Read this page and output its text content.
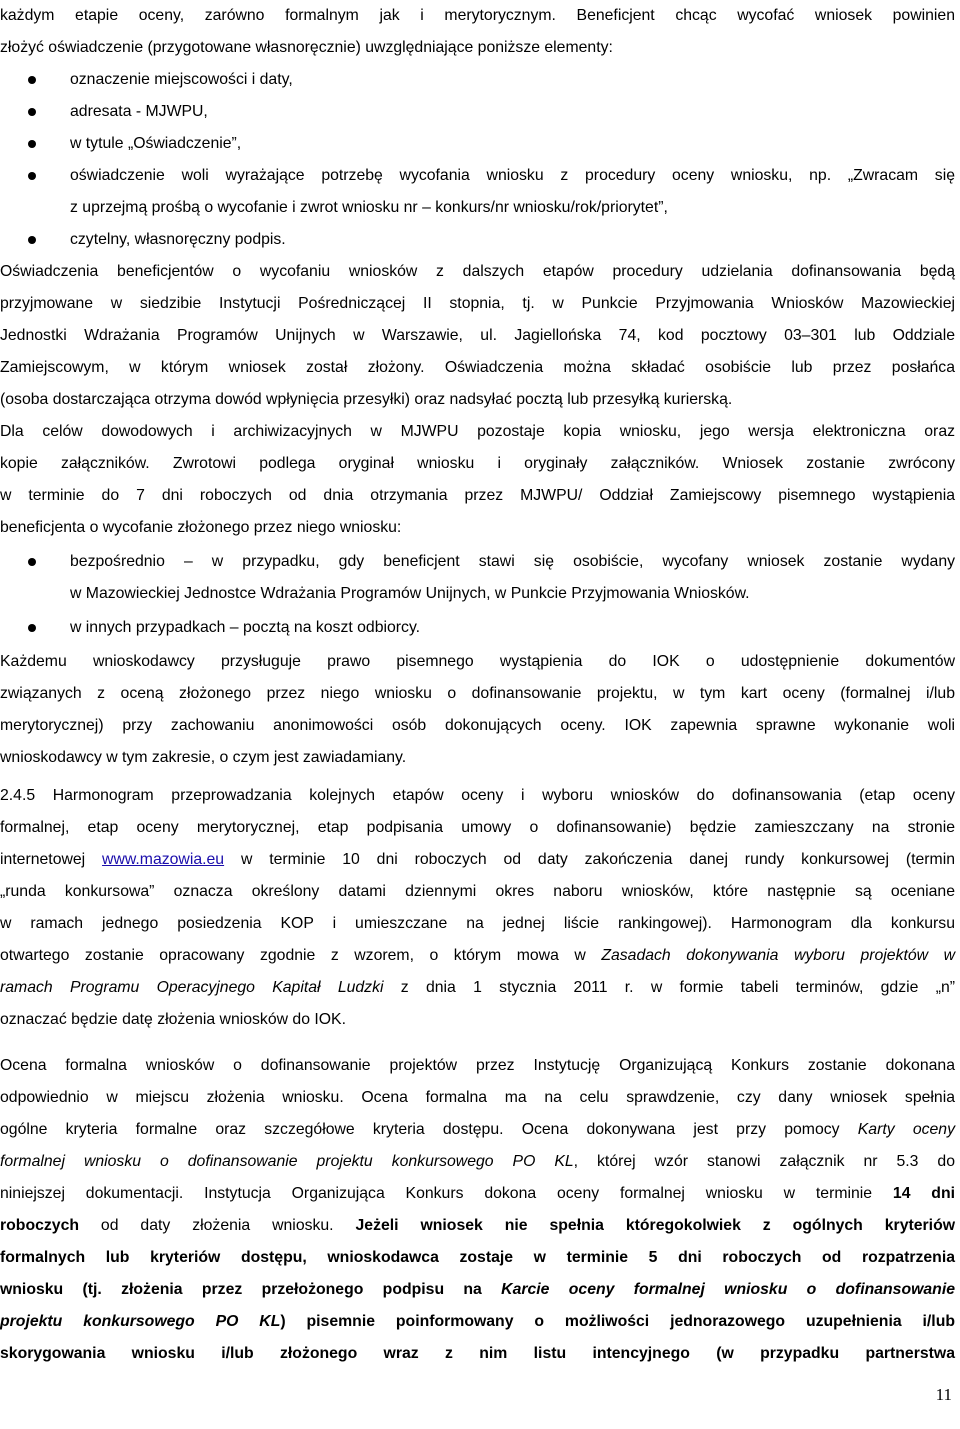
każdym etapie oceny, zarówno formalnym jak i merytorycznym. Beneficjent chcąc wycofać wniosek powinien
złożyć oświadczenie (przygotowane własnoręcznie) uwzględniające poniższe elementy:
oznaczenie miejscowości i daty,
adresata - MJWPU,
w tytule „Oświadczenie”,
oświadczenie woli wyrażające potrzebę wycofania wniosku z procedury oceny wniosku, np. „Zwracam się
z uprzejmą prośbą o wycofanie i zwrot wniosku nr – konkurs/nr wniosku/rok/priorytet”,
czytelny, własnoręczny podpis.
Oświadczenia beneficjentów o wycofaniu wniosków z dalszych etapów procedury udzielania dofinansowania będą
przyjmowane w siedzibie Instytucji Pośredniczącej II stopnia, tj. w Punkcie Przyjmowania Wniosków Mazowieckiej
Jednostki Wdrażania Programów Unijnych w Warszawie, ul. Jagiellońska 74, kod pocztowy 03–301 lub Oddziale
Zamiejscowym, w którym wniosek został złożony. Oświadczenia można składać osobiście lub przez posłańca
(osoba dostarczająca otrzyma dowód wpłynięcia przesyłki) oraz nadsyłać pocztą lub przesyłką kurierską.
Dla celów dowodowych i archiwizacyjnych w MJWPU pozostaje kopia wniosku, jego wersja elektroniczna oraz
kopie załączników. Zwrotowi podlega oryginał wniosku i oryginały załączników. Wniosek zostanie zwrócony
w terminie do 7 dni roboczych od dnia otrzymania przez MJWPU/ Oddział Zamiejscowy pisemnego wystąpienia
beneficjenta o wycofanie złożonego przez niego wniosku:
bezpośrednio – w przypadku, gdy beneficjent stawi się osobiście, wycofany wniosek zostanie wydany
w Mazowieckiej Jednostce Wdrażania Programów Unijnych, w Punkcie Przyjmowania Wniosków.
w innych przypadkach – pocztą na koszt odbiorcy.
Każdemu wnioskodawcy przysługuje prawo pisemnego wystąpienia do IOK o udostępnienie dokumentów
związanych z oceną złożonego przez niego wniosku o dofinansowanie projektu, w tym kart oceny (formalnej i/lub
merytorycznej) przy zachowaniu anonimowości osób dokonujących oceny. IOK zapewnia sprawne wykonanie woli
wnioskodawcy w tym zakresie, o czym jest zawiadamiany.
2.4.5 Harmonogram przeprowadzania kolejnych etapów oceny i wyboru wniosków do dofinansowania (etap oceny
formalnej, etap oceny merytorycznej, etap podpisania umowy o dofinansowanie) będzie zamieszczany na stronie
internetowej www.mazowia.eu w terminie 10 dni roboczych od daty zakończenia danej rundy konkursowej (termin
„runda konkursowa” oznacza określony datami dziennymi okres naboru wniosków, które następnie są oceniane
w ramach jednego posiedzenia KOP i umieszczane na jednej liście rankingowej). Harmonogram dla konkursu
otwartego zostanie opracowany zgodnie z wzorem, o którym mowa w Zasadach dokonywania wyboru projektów w
ramach Programu Operacyjnego Kapitał Ludzki z dnia 1 stycznia 2011 r. w formie tabeli terminów, gdzie „n”
oznaczać będzie datę złożenia wniosków do IOK.
Ocena formalna wniosków o dofinansowanie projektów przez Instytucję Organizującą Konkurs zostanie dokonana
odpowiednio w miejscu złożenia wniosku. Ocena formalna ma na celu sprawdzenie, czy dany wniosek spełnia
ogólne kryteria formalne oraz szczegółowe kryteria dostępu. Ocena dokonywana jest przy pomocy Karty oceny
formalnej wniosku o dofinansowanie projektu konkursowego PO KL, której wzór stanowi załącznik nr 5.3 do
niniejszej dokumentacji. Instytucja Organizująca Konkurs dokona oceny formalnej wniosku w terminie 14 dni
roboczych od daty złożenia wniosku. Jeżeli wniosek nie spełnia któregokolwiek z ogólnych kryteriów
formalnych lub kryteriów dostępu, wnioskodawca zostaje w terminie 5 dni roboczych od rozpatrzenia
wniosku (tj. złożenia przez przełożonego podpisu na Karcie oceny formalnej wniosku o dofinansowanie
projektu konkursowego PO KL) pisemnie poinformowany o możliwości jednorazowego uzupełnienia i/lub
skorygowania wniosku i/lub złożonego wraz z nim listu intencyjnego (w przypadku partnerstwa
11
